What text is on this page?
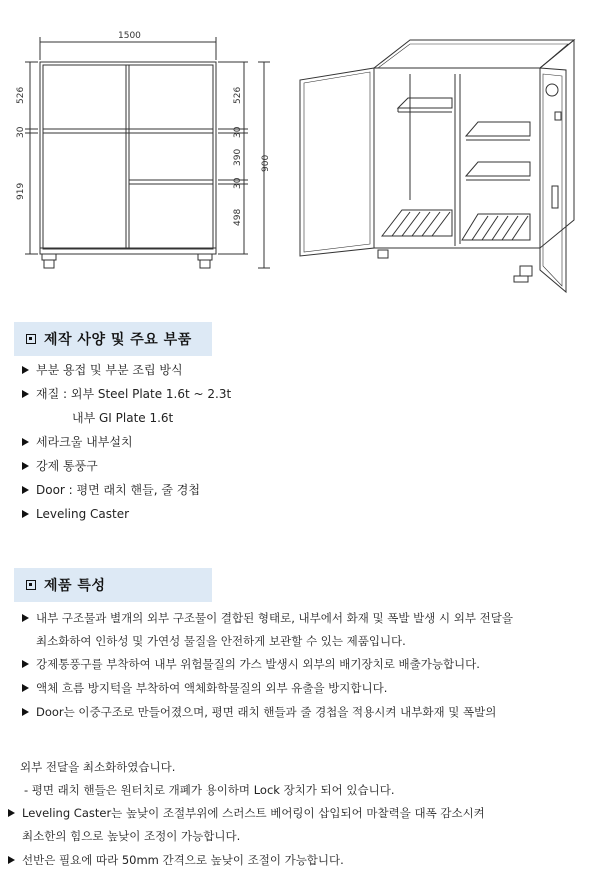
1500
526
30
919
526
30
390
30
498
900
제작 사양 및 주요 부품
부분 용접 및 부분 조립 방식
재질 : 외부 Steel Plate 1.6t ~ 2.3t
내부 GI Plate 1.6t
세라크울 내부설치
강제 통풍구
Door : 평면 래치 핸들, 줄 경첩
Leveling Caster
제품 특성
내부 구조물과 별개의 외부 구조물이 결합된 형태로, 내부에서 화재 및 폭발 발생 시 외부 전달을
최소화하여 인하성 및 가연성 물질을 안전하게 보관할 수 있는 제품입니다.
강제통풍구를 부착하여 내부 위험물질의 가스 발생시 외부의 배기장치로 배출가능합니다.
액체 흐름 방지턱을 부착하여 액체화학물질의 외부 유출을 방지합니다.
Door는 이중구조로 만들어졌으며, 평면 래치 핸들과 줄 경첩을 적용시켜 내부화재 및 폭발의
외부 전달을 최소화하였습니다.
- 평면 래치 핸들은 원터치로 개폐가 용이하며 Lock 장치가 되어 있습니다.
Leveling Caster는 높낮이 조절부위에 스러스트 베어링이 삽입되어 마찰력을 대폭 감소시켜
최소한의 힘으로 높낮이 조정이 가능합니다.
선반은 필요에 따라 50mm 간격으로 높낮이 조절이 가능합니다.
